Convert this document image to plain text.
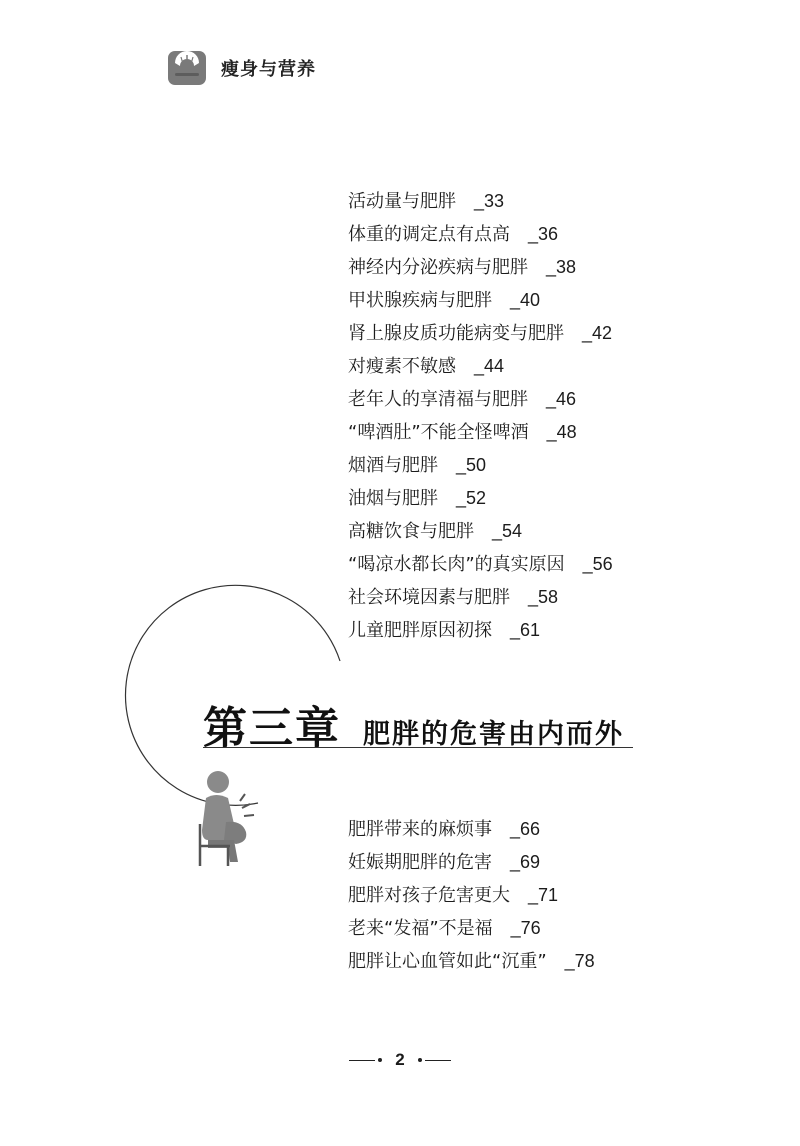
瘦身与营养
活动量与肥胖 _33
体重的调定点有点高 _36
神经内分泌疾病与肥胖 _38
甲状腺疾病与肥胖 _40
肾上腺皮质功能病变与肥胖 _42
对瘦素不敏感 _44
老年人的享清福与肥胖 _46
“啤酒肚”不能全怪啤酒 _48
烟酒与肥胖 _50
油烟与肥胖 _52
高糖饮食与肥胖 _54
“喝凉水都长肉”的真实原因 _56
社会环境因素与肥胖 _58
儿童肥胖原因初探 _61
第三章 肥胖的危害由内而外
肥胖带来的麻烦事 _66
妊娠期肥胖的危害 _69
肥胖对孩子危害更大 _71
老来“发福”不是福 _76
肥胖让心血管如此“沉重” _78
2
